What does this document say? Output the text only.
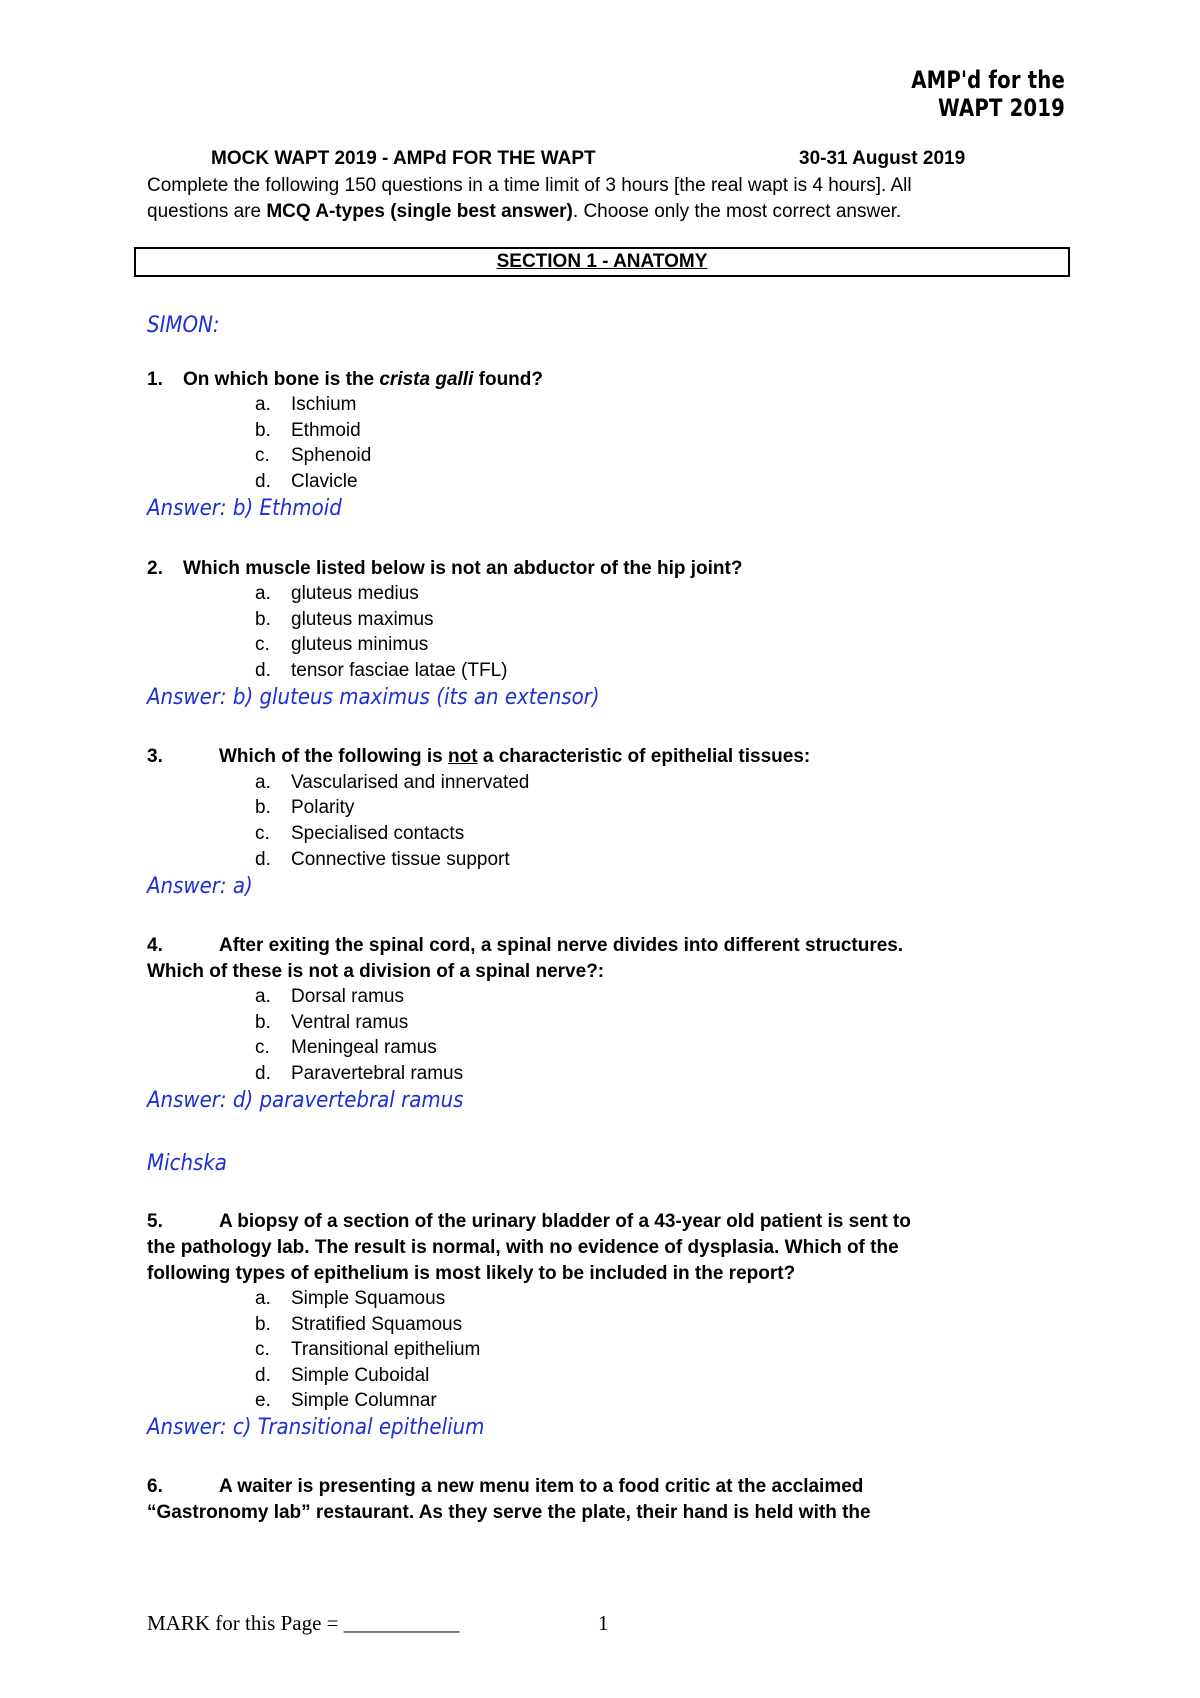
AMP'd for the WAPT 2019
MOCK WAPT 2019 - AMPd FOR THE WAPT	30-31 August 2019
Complete the following 150 questions in a time limit of 3 hours [the real wapt is 4 hours]. All
questions are MCQ A-types (single best answer). Choose only the most correct answer.
SECTION 1 - ANATOMY
SIMON:
1. On which bone is the crista galli found?
a. Ischium
b. Ethmoid
c. Sphenoid
d. Clavicle
Answer: b) Ethmoid
2. Which muscle listed below is not an abductor of the hip joint?
a. gluteus medius
b. gluteus maximus
c. gluteus minimus
d. tensor fasciae latae (TFL)
Answer: b) gluteus maximus (its an extensor)
3.	Which of the following is not a characteristic of epithelial tissues:
a. Vascularised and innervated
b. Polarity
c. Specialised contacts
d. Connective tissue support
Answer: a)
4.	After exiting the spinal cord, a spinal nerve divides into different structures.
Which of these is not a division of a spinal nerve?:
a. Dorsal ramus
b. Ventral ramus
c. Meningeal ramus
d. Paravertebral ramus
Answer: d) paravertebral ramus
Michska
5.	A biopsy of a section of the urinary bladder of a 43-year old patient is sent to
the pathology lab. The result is normal, with no evidence of dysplasia. Which of the
following types of epithelium is most likely to be included in the report?
a. Simple Squamous
b. Stratified Squamous
c. Transitional epithelium
d. Simple Cuboidal
e. Simple Columnar
Answer: c) Transitional epithelium
6.	A waiter is presenting a new menu item to a food critic at the acclaimed
“Gastronomy lab” restaurant. As they serve the plate, their hand is held with the
MARK for this Page = ___________	1
